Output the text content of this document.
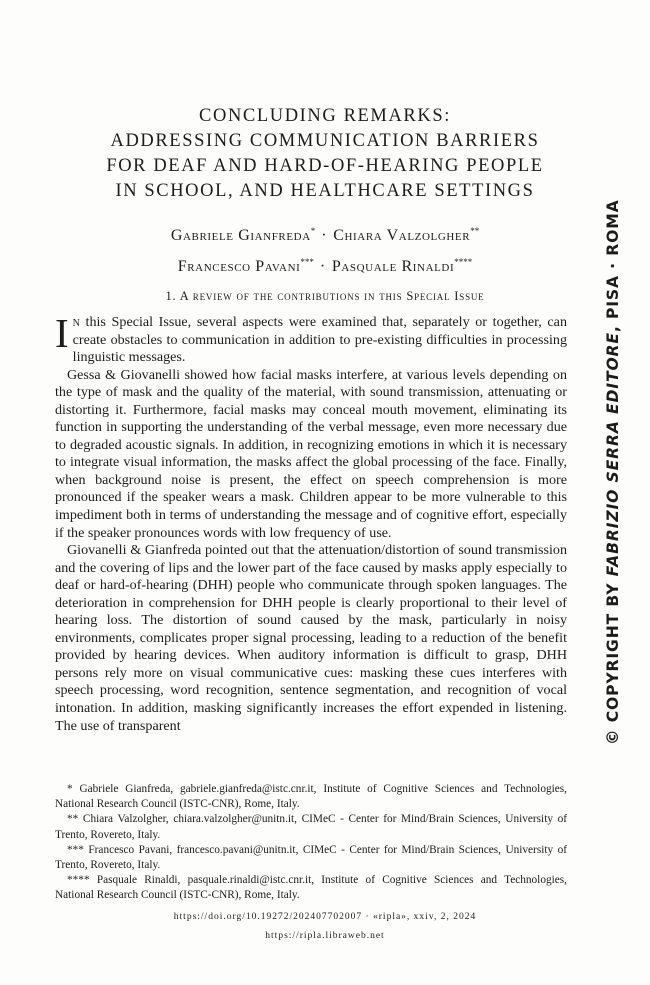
CONCLUDING REMARKS:
ADDRESSING COMMUNICATION BARRIERS
FOR DEAF AND HARD-OF-HEARING PEOPLE
IN SCHOOL, AND HEALTHCARE SETTINGS
Gabriele Gianfreda* · Chiara Valzolgher**
Francesco Pavani*** · Pasquale Rinaldi****
1. A review of the contributions in this Special Issue

In this Special Issue, several aspects were examined that, separately or together, can create obstacles to communication in addition to pre-existing difficulties in processing linguistic messages.

Gessa & Giovanelli showed how facial masks interfere, at various levels depending on the type of mask and the quality of the material, with sound transmission, attenuating or distorting it. Furthermore, facial masks may conceal mouth movement, eliminating its function in supporting the understanding of the verbal message, even more necessary due to degraded acoustic signals. In addition, in recognizing emotions in which it is necessary to integrate visual information, the masks affect the global processing of the face. Finally, when background noise is present, the effect on speech comprehension is more pronounced if the speaker wears a mask. Children appear to be more vulnerable to this impediment both in terms of understanding the message and of cognitive effort, especially if the speaker pronounces words with low frequency of use.

Giovanelli & Gianfreda pointed out that the attenuation/distortion of sound transmission and the covering of lips and the lower part of the face caused by masks apply especially to deaf or hard-of-hearing (DHH) people who communicate through spoken languages. The deterioration in comprehension for DHH people is clearly proportional to their level of hearing loss. The distortion of sound caused by the mask, particularly in noisy environments, complicates proper signal processing, leading to a reduction of the benefit provided by hearing devices. When auditory information is difficult to grasp, DHH persons rely more on visual communicative cues: masking these cues interferes with speech processing, word recognition, sentence segmentation, and recognition of vocal intonation. In addition, masking significantly increases the effort expended in listening. The use of transparent

* Gabriele Gianfreda, gabriele.gianfreda@istc.cnr.it, Institute of Cognitive Sciences and Technologies, National Research Council (ISTC-CNR), Rome, Italy.

** Chiara Valzolgher, chiara.valzolgher@unitn.it, CIMeC - Center for Mind/Brain Sciences, University of Trento, Rovereto, Italy.

*** Francesco Pavani, francesco.pavani@unitn.it, CIMeC - Center for Mind/Brain Sciences, University of Trento, Rovereto, Italy.

**** Pasquale Rinaldi, pasquale.rinaldi@istc.cnr.it, Institute of Cognitive Sciences and Technologies, National Research Council (ISTC-CNR), Rome, Italy.

https://doi.org/10.19272/202407702007 · «ripla», xxiv, 2, 2024
https://ripla.libraweb.net
© COPYRIGHT BY FABRIZIO SERRA EDITORE, PISA · ROMA
